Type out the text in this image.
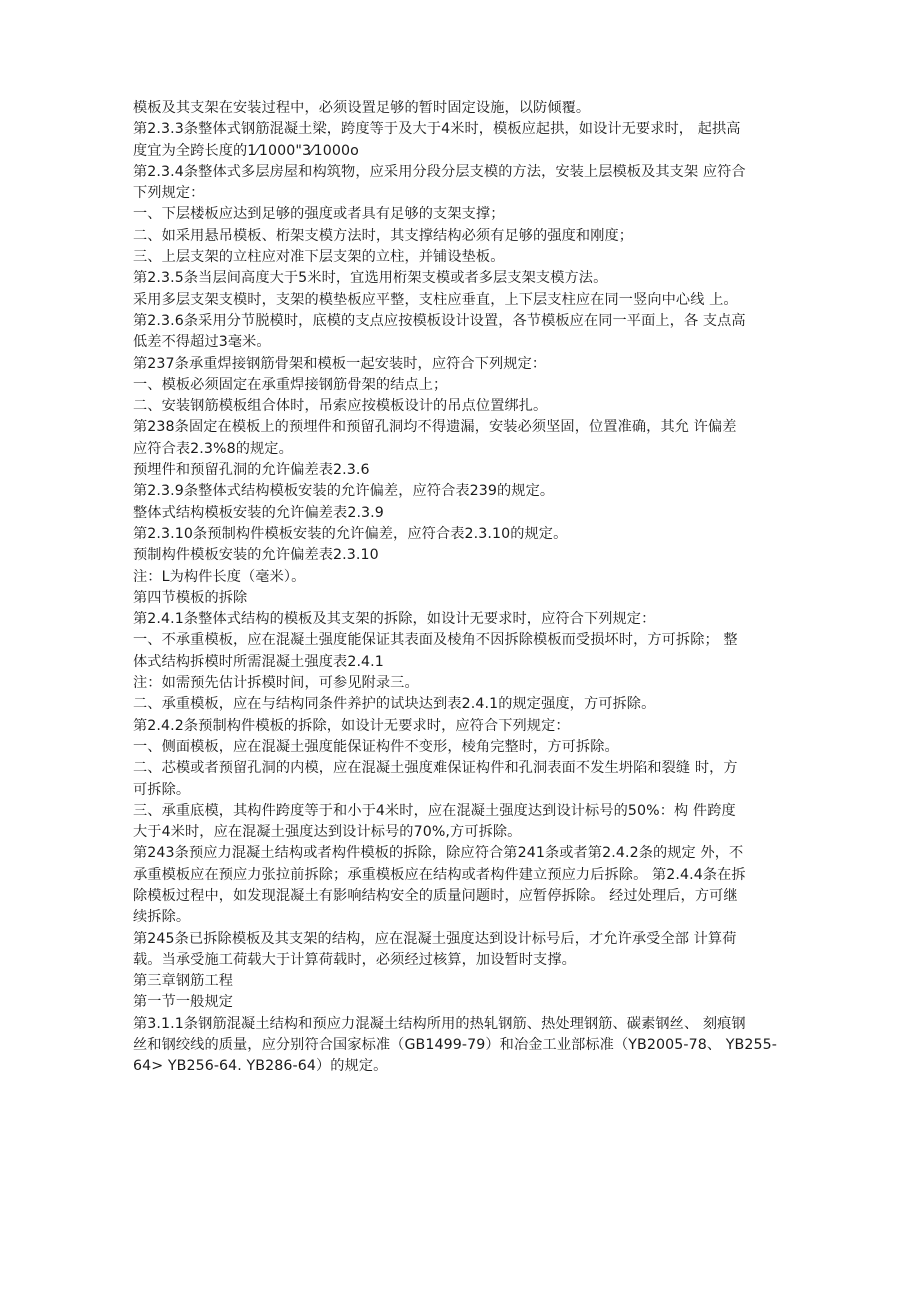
模板及其支架在安装过程中，必须设置足够的暂时固定设施，以防倾覆。

第2.3.3条整体式钢筋混凝土梁，跨度等于及大于4米时，模板应起拱，如设计无要求时， 起拱高

度宜为全跨长度的1⁄1000"3⁄1000o

第2.3.4条整体式多层房屋和构筑物，应采用分段分层支模的方法，安装上层模板及其支架 应符合

下列规定：

一、下层楼板应达到足够的强度或者具有足够的支架支撑；

二、如采用悬吊模板、桁架支模方法时，其支撑结构必须有足够的强度和刚度；

三、上层支架的立柱应对准下层支架的立柱，并铺设垫板。

第2.3.5条当层间高度大于5米时，宜选用桁架支模或者多层支架支模方法。

采用多层支架支模时，支架的模垫板应平整，支柱应垂直，上下层支柱应在同一竖向中心线 上。

第2.3.6条采用分节脱模时，底模的支点应按模板设计设置，各节模板应在同一平面上，各 支点高

低差不得超过3毫米。

第237条承重焊接钢筋骨架和模板一起安装时，应符合下列规定：

一、模板必须固定在承重焊接钢筋骨架的结点上；

二、安装钢筋模板组合体时，吊索应按模板设计的吊点位置绑扎。

第238条固定在模板上的预埋件和预留孔洞均不得遗漏，安装必须坚固，位置准确，其允 许偏差

应符合表2.3%8的规定。

预埋件和预留孔洞的允许偏差表2.3.6

第2.3.9条整体式结构模板安装的允许偏差，应符合表239的规定。

整体式结构模板安装的允许偏差表2.3.9

第2.3.10条预制构件模板安装的允许偏差，应符合表2.3.10的规定。

预制构件模板安装的允许偏差表2.3.10

注：L为构件长度（毫米）。

第四节模板的拆除

第2.4.1条整体式结构的模板及其支架的拆除，如设计无要求时，应符合下列规定：

一、不承重模板，应在混凝土强度能保证其表面及棱角不因拆除模板而受损坏时，方可拆除； 整

体式结构拆模时所需混凝土强度表2.4.1

注：如需预先估计拆模时间，可参见附录三。

二、承重模板，应在与结构同条件养护的试块达到表2.4.1的规定强度，方可拆除。

第2.4.2条预制构件模板的拆除，如设计无要求时，应符合下列规定：

一、侧面模板，应在混凝土强度能保证构件不变形，棱角完整时，方可拆除。

二、芯模或者预留孔洞的内模，应在混凝土强度难保证构件和孔洞表面不发生坍陷和裂缝 时，方

可拆除。

三、承重底模，其构件跨度等于和小于4米时，应在混凝土强度达到设计标号的50%：构 件跨度

大于4米时，应在混凝土强度达到设计标号的70%,方可拆除。

第243条预应力混凝土结构或者构件模板的拆除，除应符合第241条或者第2.4.2条的规定 外，不

承重模板应在预应力张拉前拆除；承重模板应在结构或者构件建立预应力后拆除。 第2.4.4条在拆

除模板过程中，如发现混凝土有影响结构安全的质量问题时，应暂停拆除。 经过处理后，方可继

续拆除。

第245条已拆除模板及其支架的结构，应在混凝土强度达到设计标号后，才允许承受全部 计算荷

载。当承受施工荷载大于计算荷载时，必须经过核算，加设暂时支撑。

第三章钢筋工程

第一节一般规定

第3.1.1条钢筋混凝土结构和预应力混凝土结构所用的热轧钢筋、热处理钢筋、碳素钢丝、 刻痕钢

丝和钢绞线的质量，应分别符合国家标准（GB1499-79）和冶金工业部标准（YB2005-78、 YB255-

64> YB256-64. YB286-64）的规定。
